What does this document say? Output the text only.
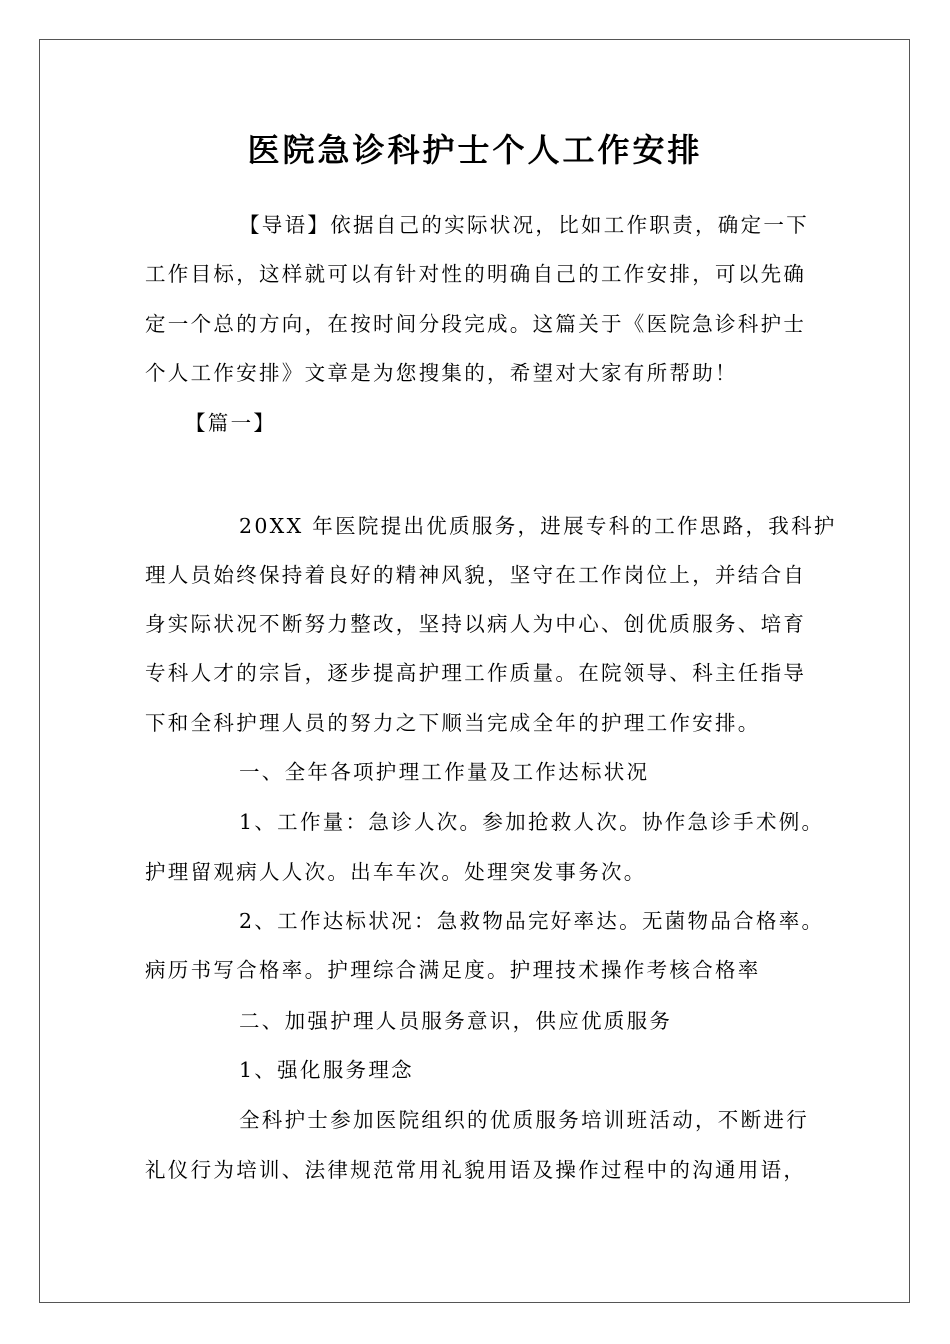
医院急诊科护士个人工作安排
【导语】依据自己的实际状况，比如工作职责，确定一下
工作目标，这样就可以有针对性的明确自己的工作安排，可以先确
定一个总的方向，在按时间分段完成。这篇关于《医院急诊科护士
个人工作安排》文章是为您搜集的，希望对大家有所帮助！
【篇一】
20XX 年医院提出优质服务，进展专科的工作思路，我科护
理人员始终保持着良好的精神风貌，坚守在工作岗位上，并结合自
身实际状况不断努力整改，坚持以病人为中心、创优质服务、培育
专科人才的宗旨，逐步提高护理工作质量。在院领导、科主任指导
下和全科护理人员的努力之下顺当完成全年的护理工作安排。
一、全年各项护理工作量及工作达标状况
1、工作量：急诊人次。参加抢救人次。协作急诊手术例。
护理留观病人人次。出车车次。处理突发事务次。
2、工作达标状况：急救物品完好率达。无菌物品合格率。
病历书写合格率。护理综合满足度。护理技术操作考核合格率
二、加强护理人员服务意识，供应优质服务
1、强化服务理念
全科护士参加医院组织的优质服务培训班活动，不断进行
礼仪行为培训、法律规范常用礼貌用语及操作过程中的沟通用语，
